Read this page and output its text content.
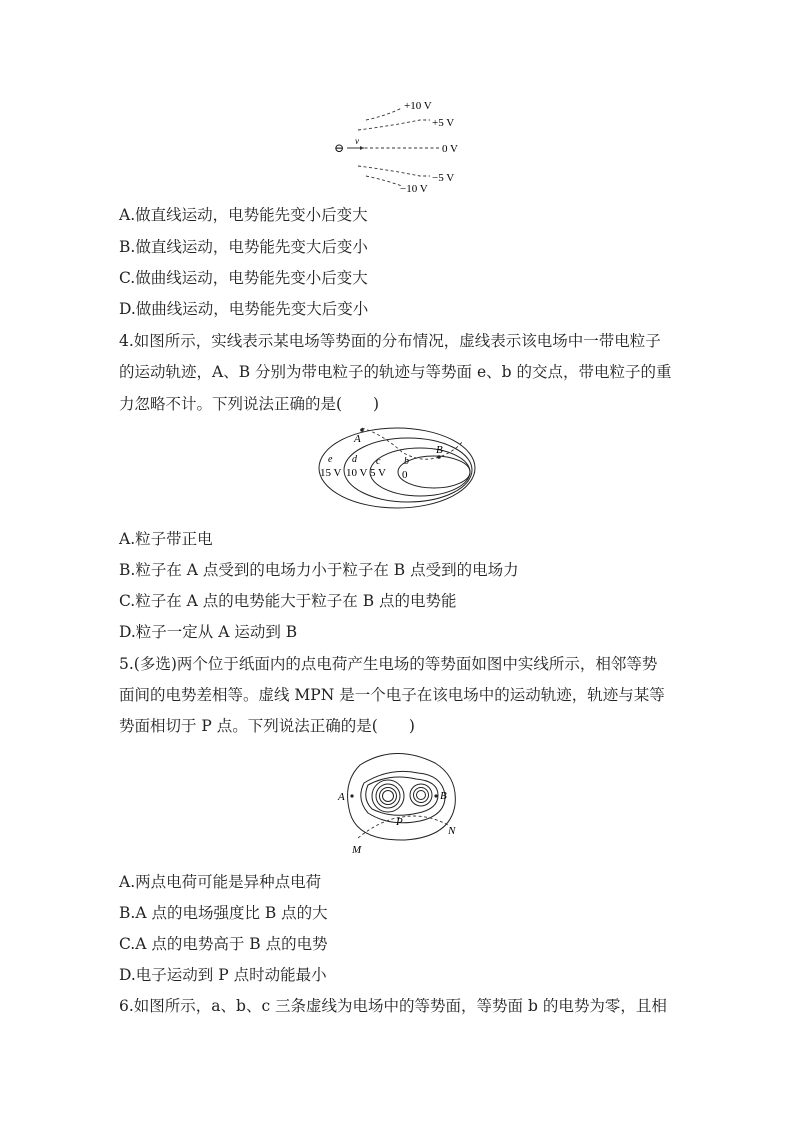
⊖ v
+10 V
+5 V
0 V
−5 V
−10 V
A.做直线运动，电势能先变小后变大
B.做直线运动，电势能先变大后变小
C.做曲线运动，电势能先变小后变大
D.做曲线运动，电势能先变大后变小
4.如图所示，实线表示某电场等势面的分布情况，虚线表示该电场中一带电粒子
的运动轨迹，A、B 分别为带电粒子的轨迹与等势面 e、b 的交点，带电粒子的重
力忽略不计。下列说法正确的是(　　)
A
B
e d c b
15 V 10 V 5 V 0
A.粒子带正电
B.粒子在 A 点受到的电场力小于粒子在 B 点受到的电场力
C.粒子在 A 点的电势能大于粒子在 B 点的电势能
D.粒子一定从 A 运动到 B
5.(多选)两个位于纸面内的点电荷产生电场的等势面如图中实线所示，相邻等势
面间的电势差相等。虚线 MPN 是一个电子在该电场中的运动轨迹，轨迹与某等
势面相切于 P 点。下列说法正确的是(　　)
A	B
P
M
N
A.两点电荷可能是异种点电荷
B.A 点的电场强度比 B 点的大
C.A 点的电势高于 B 点的电势
D.电子运动到 P 点时动能最小
6.如图所示，a、b、c 三条虚线为电场中的等势面，等势面 b 的电势为零，且相
